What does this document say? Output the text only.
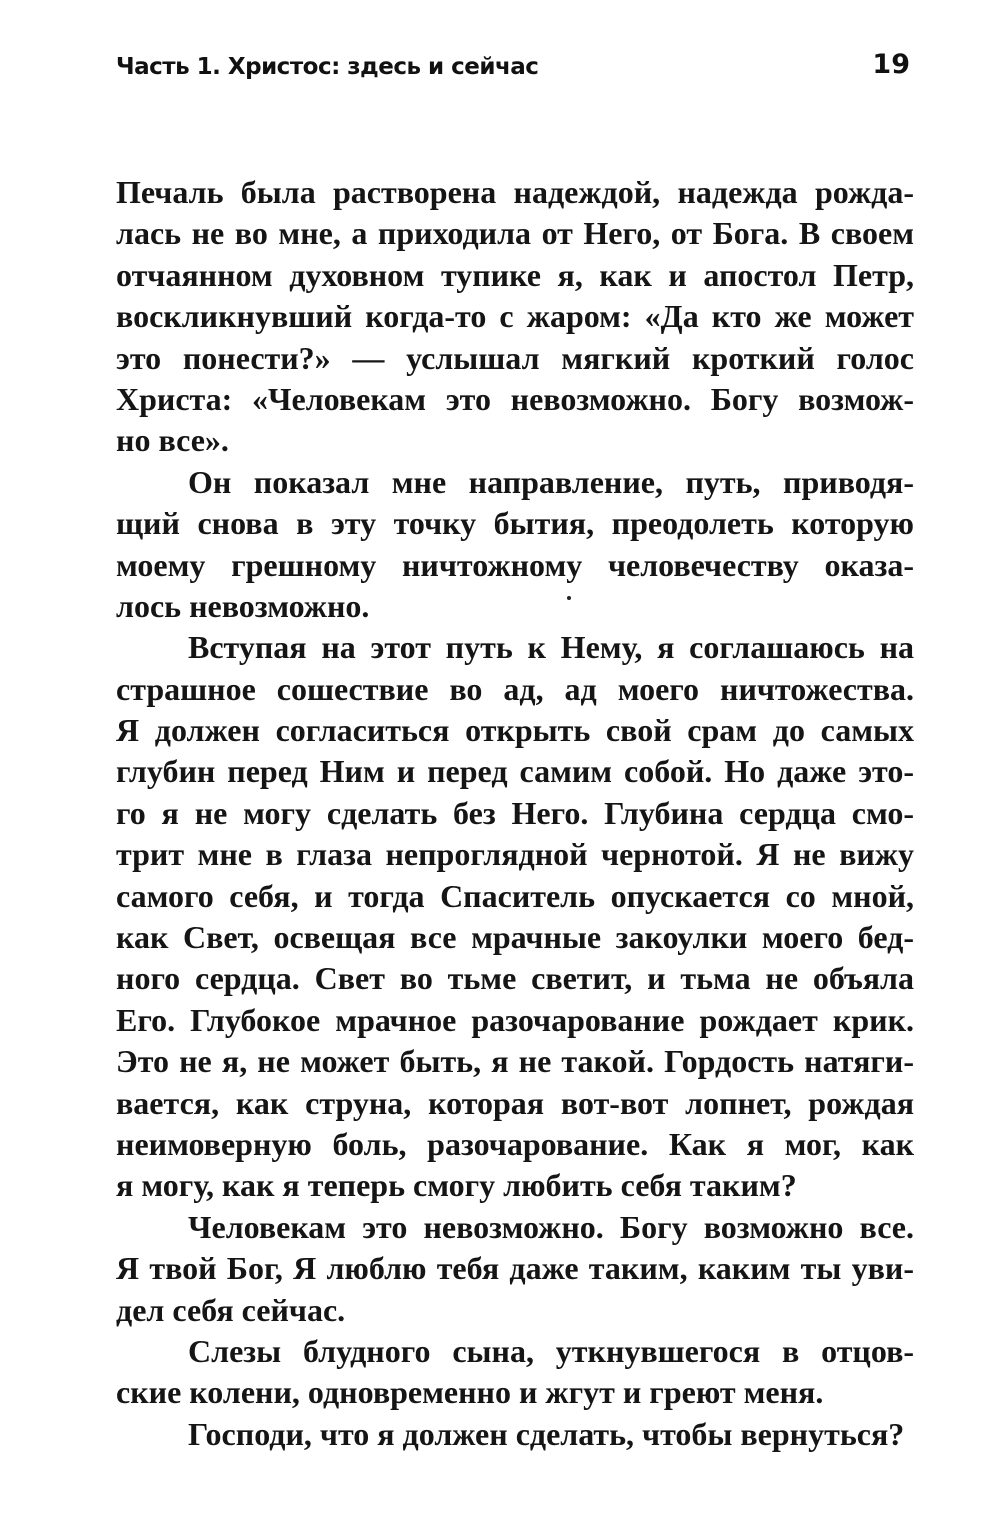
Часть 1. Христос: здесь и сейчас	19
Печаль была растворена надеждой, надежда рожда-
лась не во мне, а приходила от Него, от Бога. В своем
отчаянном духовном тупике я, как и апостол Петр,
воскликнувший когда-то с жаром: «Да кто же может
это понести?» — услышал мягкий кроткий голос
Христа: «Человекам это невозможно. Богу возмож-
но все».
Он показал мне направление, путь, приводя-
щий снова в эту точку бытия, преодолеть которую
моему грешному ничтожному человечеству оказа-
лось невозможно.
Вступая на этот путь к Нему, я соглашаюсь на
страшное сошествие во ад, ад моего ничтожества.
Я должен согласиться открыть свой срам до самых
глубин перед Ним и перед самим собой. Но даже это-
го я не могу сделать без Него. Глубина сердца смо-
трит мне в глаза непроглядной чернотой. Я не вижу
самого себя, и тогда Спаситель опускается со мной,
как Свет, освещая все мрачные закоулки моего бед-
ного сердца. Свет во тьме светит, и тьма не объяла
Его. Глубокое мрачное разочарование рождает крик.
Это не я, не может быть, я не такой. Гордость натяги-
вается, как струна, которая вот-вот лопнет, рождая
неимоверную боль, разочарование. Как я мог, как
я могу, как я теперь смогу любить себя таким?
Человекам это невозможно. Богу возможно все.
Я твой Бог, Я люблю тебя даже таким, каким ты уви-
дел себя сейчас.
Слезы блудного сына, уткнувшегося в отцов-
ские колени, одновременно и жгут и греют меня.
Господи, что я должен сделать, чтобы вернуться?
